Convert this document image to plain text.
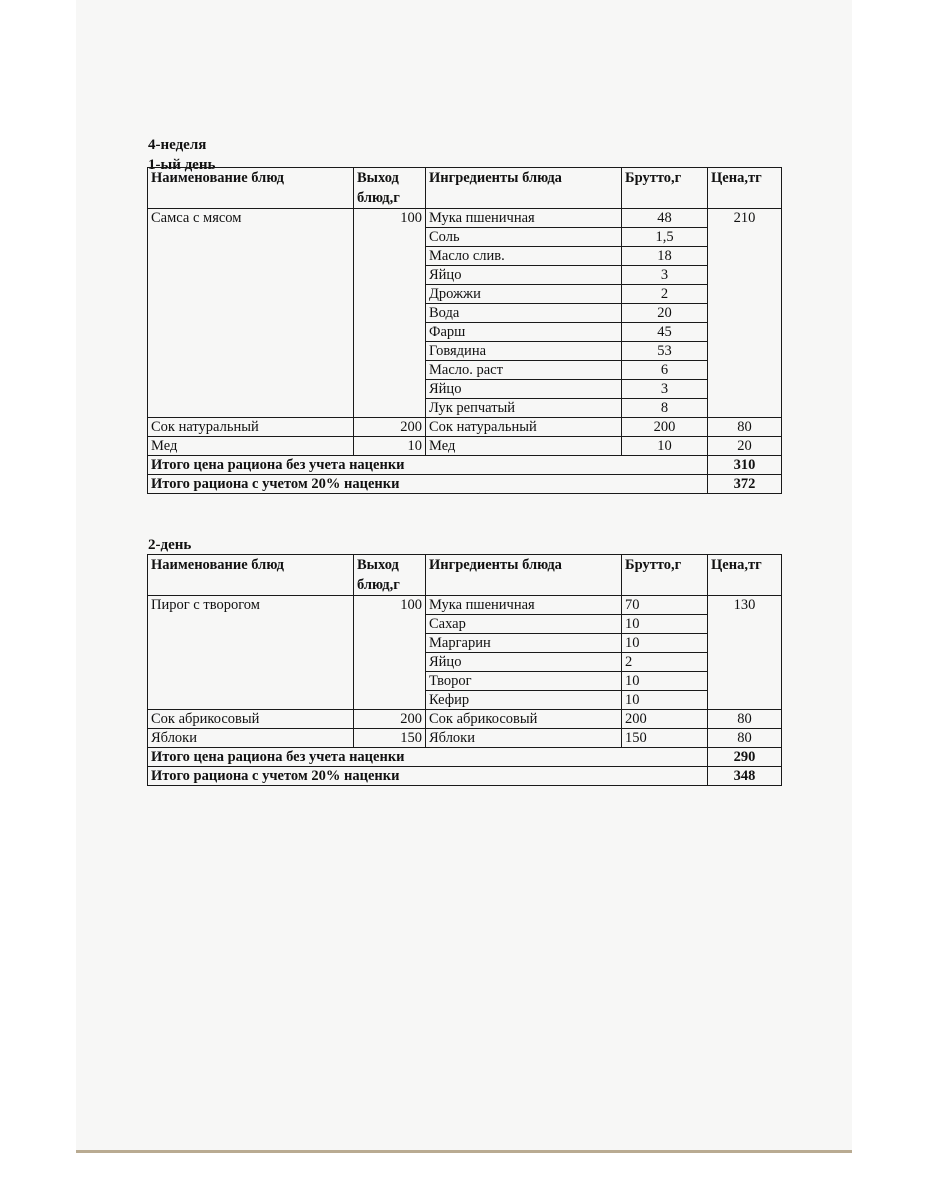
4-неделя
1-ый день
Наименование блюд	Выход блюд,г	Ингредиенты блюда	Брутто,г	Цена,тг
Самса с мясом	100	Мука пшеничная	48	210
		Соль	1,5	
		Масло слив.	18	
		Яйцо	3	
		Дрожжи	2	
		Вода	20	
		Фарш	45	
		Говядина	53	
		Масло. раст	6	
		Яйцо	3	
		Лук репчатый	8	
Сок натуральный	200	Сок натуральный	200	80
Мед	10	Мед	10	20
Итого цена рациона без учета наценки				310
Итого рациона с учетом 20% наценки				372
2-день
Наименование блюд	Выход блюд,г	Ингредиенты блюда	Брутто,г	Цена,тг
Пирог с творогом	100	Мука пшеничная	70	130
		Сахар	10	
		Маргарин	10	
		Яйцо	2	
		Творог	10	
		Кефир	10	
Сок абрикосовый	200	Сок абрикосовый	200	80
Яблоки	150	Яблоки	150	80
Итого цена рациона без учета наценки				290
Итого рациона с учетом 20% наценки				348
